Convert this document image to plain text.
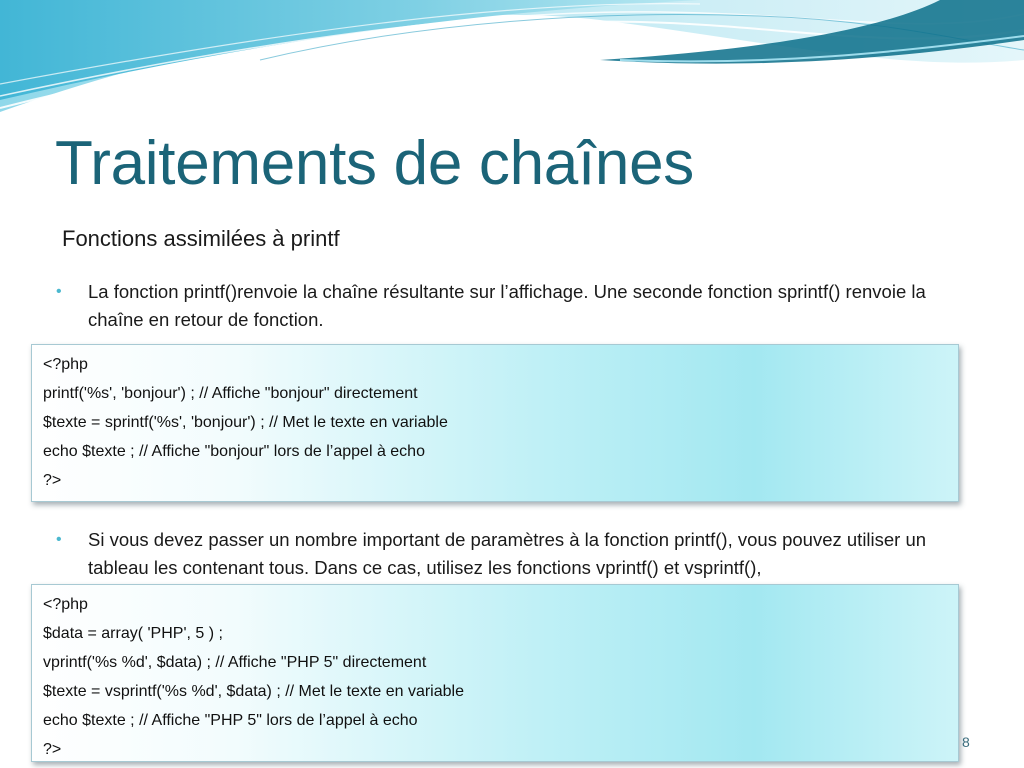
Traitements de chaînes
Fonctions assimilées à printf
• La fonction printf()renvoie la chaîne résultante sur l’affichage. Une seconde fonction sprintf() renvoie la chaîne en retour de fonction.
<?php
printf('%s', 'bonjour') ; // Affiche "bonjour" directement
$texte = sprintf('%s', 'bonjour') ; // Met le texte en variable
echo $texte ; // Affiche "bonjour" lors de l’appel à echo
?>
• Si vous devez passer un nombre important de paramètres à la fonction printf(), vous pouvez utiliser un tableau les contenant tous. Dans ce cas, utilisez les fonctions vprintf() et vsprintf(),
<?php
$data = array( 'PHP', 5 ) ;
vprintf('%s %d', $data) ; // Affiche "PHP 5" directement
$texte = vsprintf('%s %d', $data) ; // Met le texte en variable
echo $texte ; // Affiche "PHP 5" lors de l’appel à echo
?>	8
